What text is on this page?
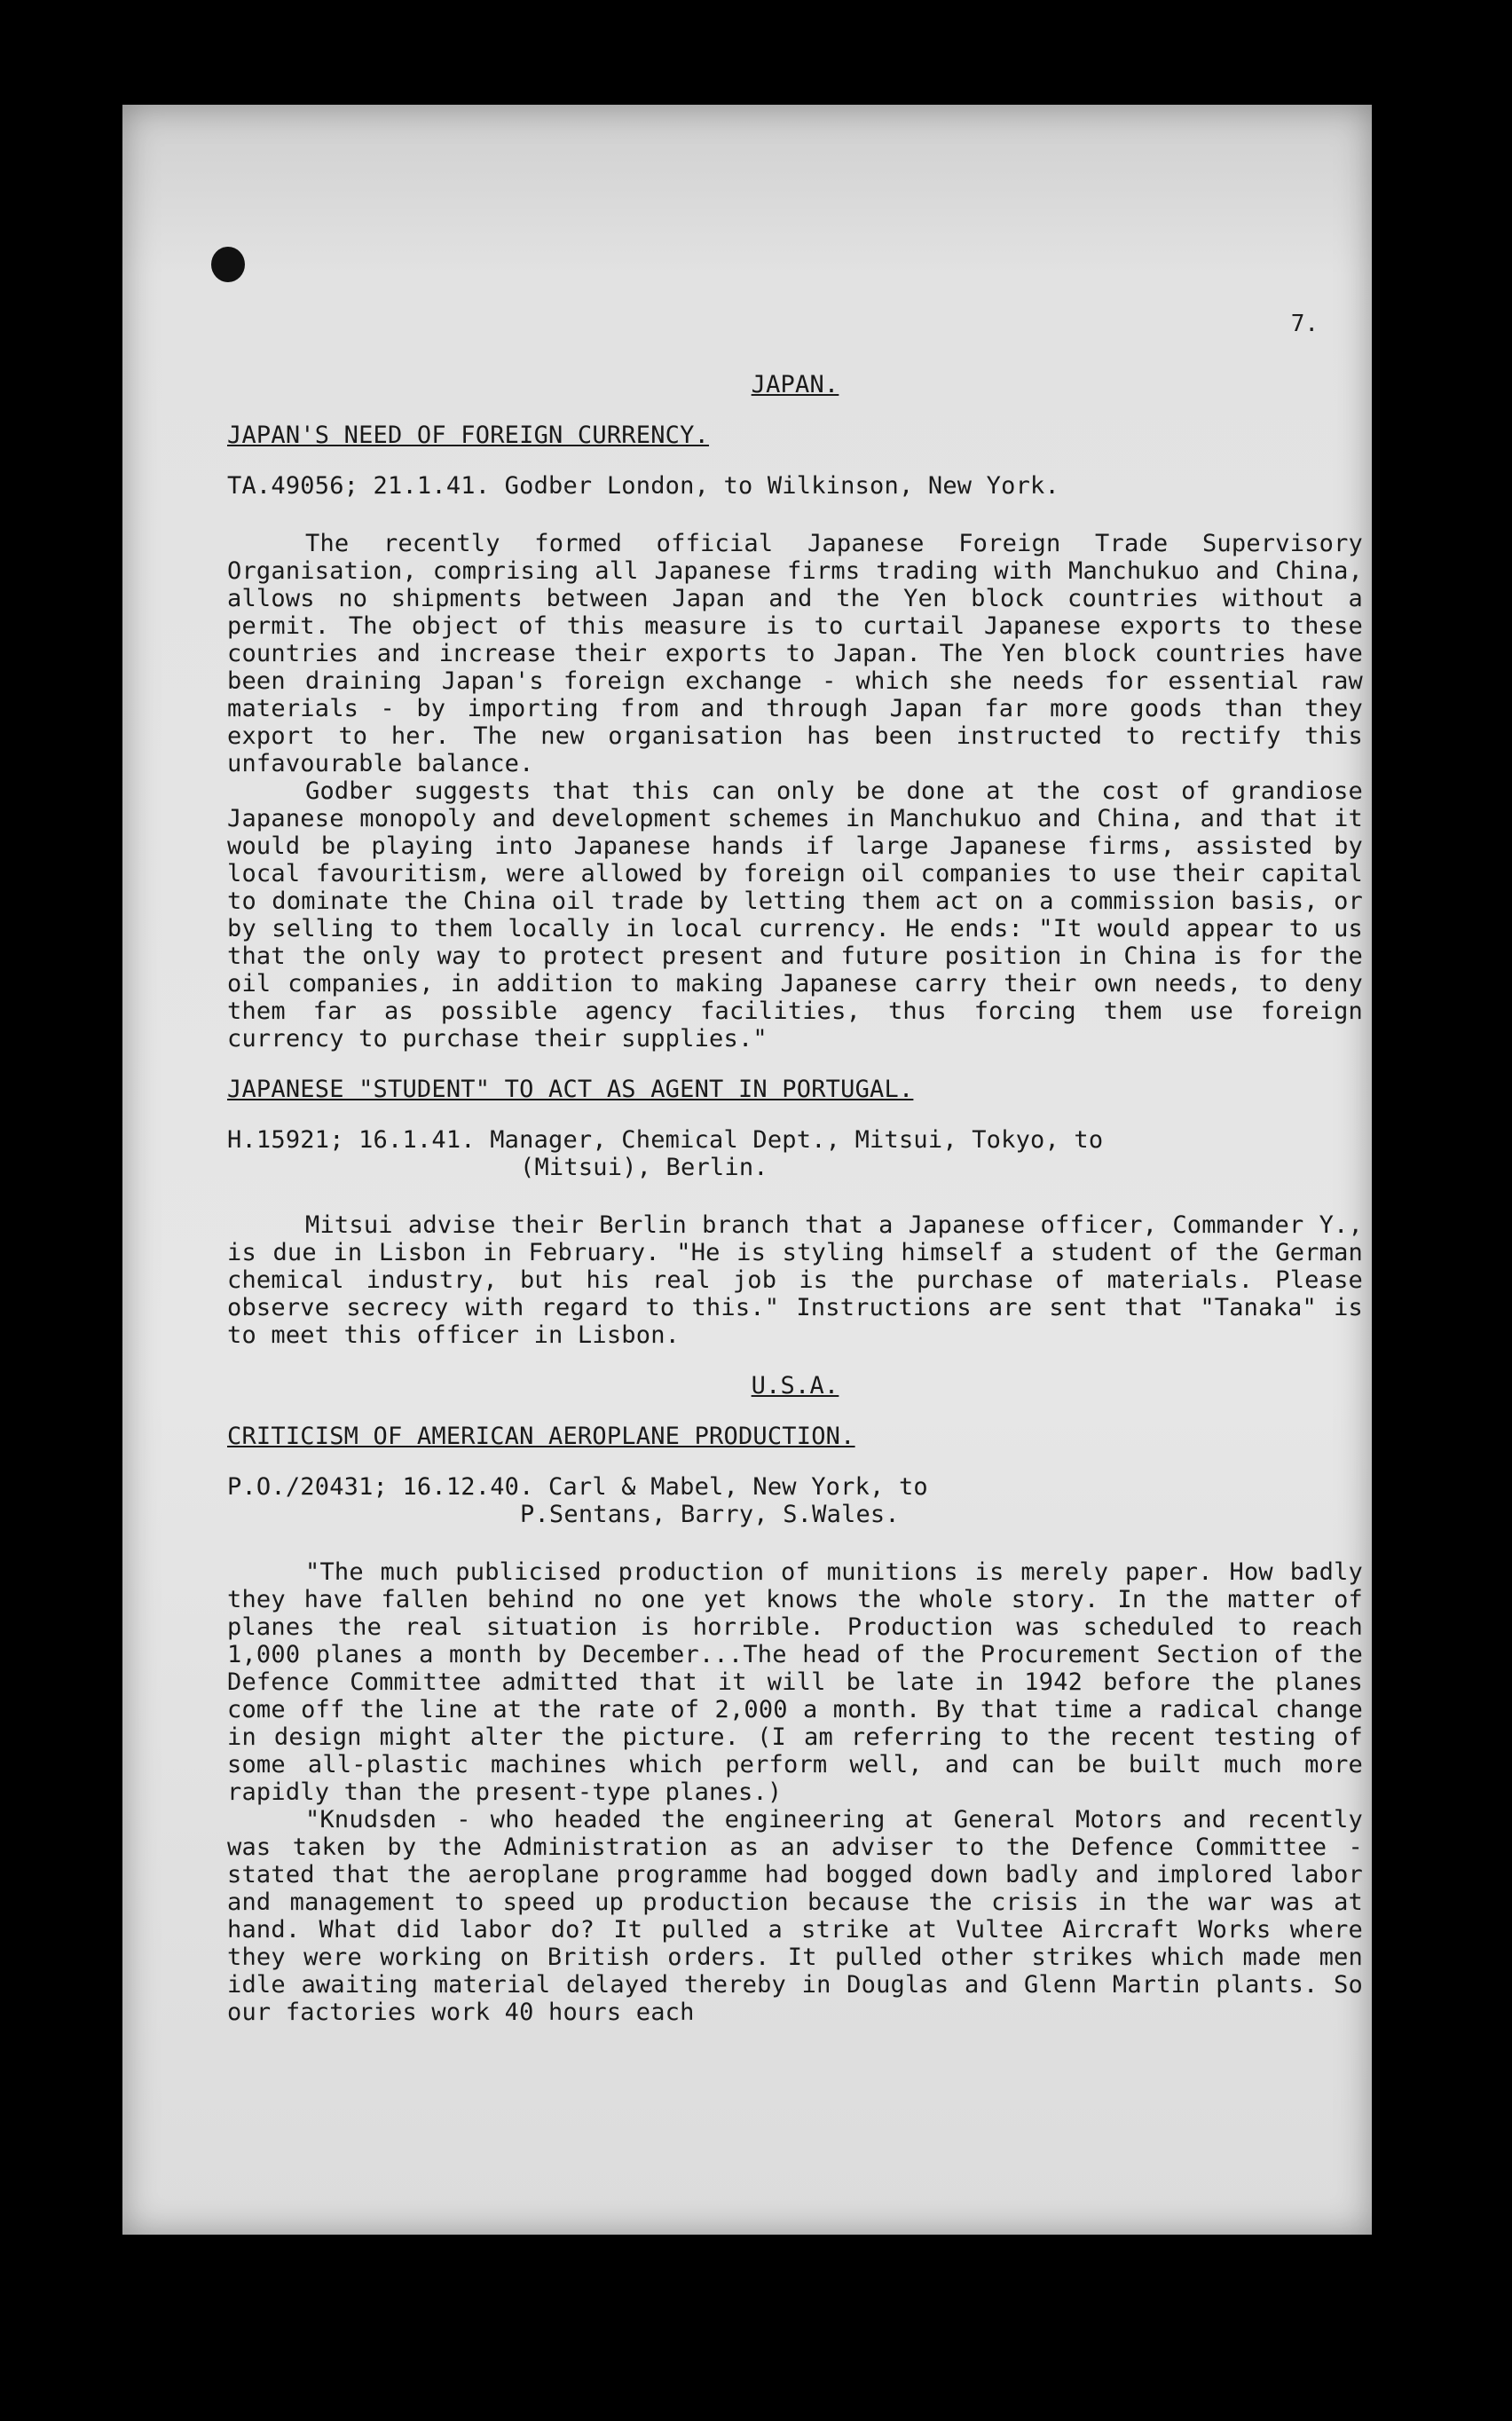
7.
JAPAN.
JAPAN'S NEED OF FOREIGN CURRENCY.
TA.49056; 21.1.41. Godber London, to Wilkinson, New York.

The recently formed official Japanese Foreign Trade Supervisory Organisation, comprising all Japanese firms trading with Manchukuo and China, allows no shipments between Japan and the Yen block countries without a permit. The object of this measure is to curtail Japanese exports to these countries and increase their exports to Japan. The Yen block countries have been draining Japan's foreign exchange - which she needs for essential raw materials - by importing from and through Japan far more goods than they export to her. The new organisation has been instructed to rectify this unfavourable balance.

Godber suggests that this can only be done at the cost of grandiose Japanese monopoly and development schemes in Manchukuo and China, and that it would be playing into Japanese hands if large Japanese firms, assisted by local favouritism, were allowed by foreign oil companies to use their capital to dominate the China oil trade by letting them act on a commission basis, or by selling to them locally in local currency. He ends: "It would appear to us that the only way to protect present and future position in China is for the oil companies, in addition to making Japanese carry their own needs, to deny them far as possible agency facilities, thus forcing them use foreign currency to purchase their supplies."

JAPANESE "STUDENT" TO ACT AS AGENT IN PORTUGAL.
H.15921; 16.1.41. Manager, Chemical Dept., Mitsui, Tokyo, to
(Mitsui), Berlin.

Mitsui advise their Berlin branch that a Japanese officer, Commander Y., is due in Lisbon in February. "He is styling himself a student of the German chemical industry, but his real job is the purchase of materials. Please observe secrecy with regard to this." Instructions are sent that "Tanaka" is to meet this officer in Lisbon.

U.S.A.
CRITICISM OF AMERICAN AEROPLANE PRODUCTION.
P.O./20431; 16.12.40. Carl & Mabel, New York, to
P.Sentans, Barry, S.Wales.

"The much publicised production of munitions is merely paper. How badly they have fallen behind no one yet knows the whole story. In the matter of planes the real situation is horrible. Production was scheduled to reach 1,000 planes a month by December...The head of the Procurement Section of the Defence Committee admitted that it will be late in 1942 before the planes come off the line at the rate of 2,000 a month. By that time a radical change in design might alter the picture. (I am referring to the recent testing of some all-plastic machines which perform well, and can be built much more rapidly than the present-type planes.)

"Knudsden - who headed the engineering at General Motors and recently was taken by the Administration as an adviser to the Defence Committee - stated that the aeroplane programme had bogged down badly and implored labor and management to speed up production because the crisis in the war was at hand. What did labor do? It pulled a strike at Vultee Aircraft Works where they were working on British orders. It pulled other strikes which made men idle awaiting material delayed thereby in Douglas and Glenn Martin plants. So our factories work 40 hours each
